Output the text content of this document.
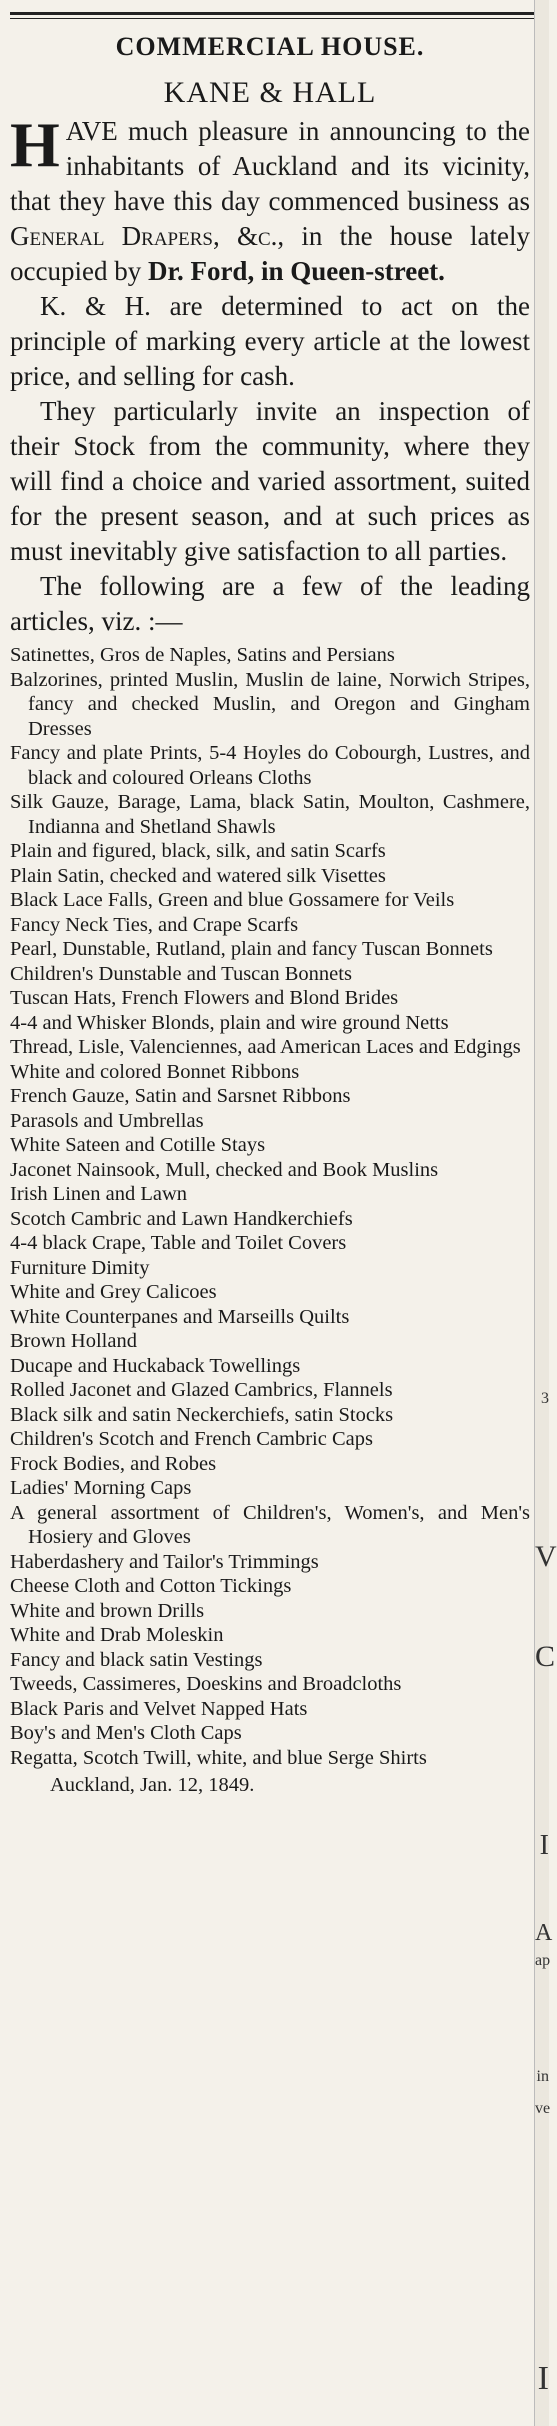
3
V
C
I
A
ap
in
ve
I
COMMERCIAL HOUSE.
KANE & HALL

HAVE much pleasure in announcing to the inhabitants of Auckland and its vicinity, that they have this day commenced business as General Drapers, &c., in the house lately occupied by Dr. Ford, in Queen-street.

K. & H. are determined to act on the principle of marking every article at the lowest price, and selling for cash.

They particularly invite an inspection of their Stock from the community, where they will find a choice and varied assortment, suited for the present season, and at such prices as must inevitably give satisfaction to all parties.

The following are a few of the leading articles, viz. :—

Satinettes, Gros de Naples, Satins and Persians

Balzorines, printed Muslin, Muslin de laine, Norwich Stripes, fancy and checked Muslin, and Oregon and Gingham Dresses

Fancy and plate Prints, 5-4 Hoyles do Cobourgh, Lustres, and black and coloured Orleans Cloths

Silk Gauze, Barage, Lama, black Satin, Moulton, Cashmere, Indianna and Shetland Shawls

Plain and figured, black, silk, and satin Scarfs

Plain Satin, checked and watered silk Visettes

Black Lace Falls, Green and blue Gossamere for Veils

Fancy Neck Ties, and Crape Scarfs

Pearl, Dunstable, Rutland, plain and fancy Tuscan Bonnets

Children's Dunstable and Tuscan Bonnets

Tuscan Hats, French Flowers and Blond Brides

4-4 and Whisker Blonds, plain and wire ground Netts

Thread, Lisle, Valenciennes, aad American Laces and Edgings

White and colored Bonnet Ribbons

French Gauze, Satin and Sarsnet Ribbons

Parasols and Umbrellas

White Sateen and Cotille Stays

Jaconet Nainsook, Mull, checked and Book Muslins

Irish Linen and Lawn

Scotch Cambric and Lawn Handkerchiefs

4-4 black Crape, Table and Toilet Covers

Furniture Dimity

White and Grey Calicoes

White Counterpanes and Marseills Quilts

Brown Holland

Ducape and Huckaback Towellings

Rolled Jaconet and Glazed Cambrics, Flannels

Black silk and satin Neckerchiefs, satin Stocks

Children's Scotch and French Cambric Caps

Frock Bodies, and Robes

Ladies' Morning Caps

A general assortment of Children's, Women's, and Men's Hosiery and Gloves

Haberdashery and Tailor's Trimmings

Cheese Cloth and Cotton Tickings

White and brown Drills

White and Drab Moleskin

Fancy and black satin Vestings

Tweeds, Cassimeres, Doeskins and Broadcloths

Black Paris and Velvet Napped Hats

Boy's and Men's Cloth Caps

Regatta, Scotch Twill, white, and blue Serge Shirts

Auckland, Jan. 12, 1849.
